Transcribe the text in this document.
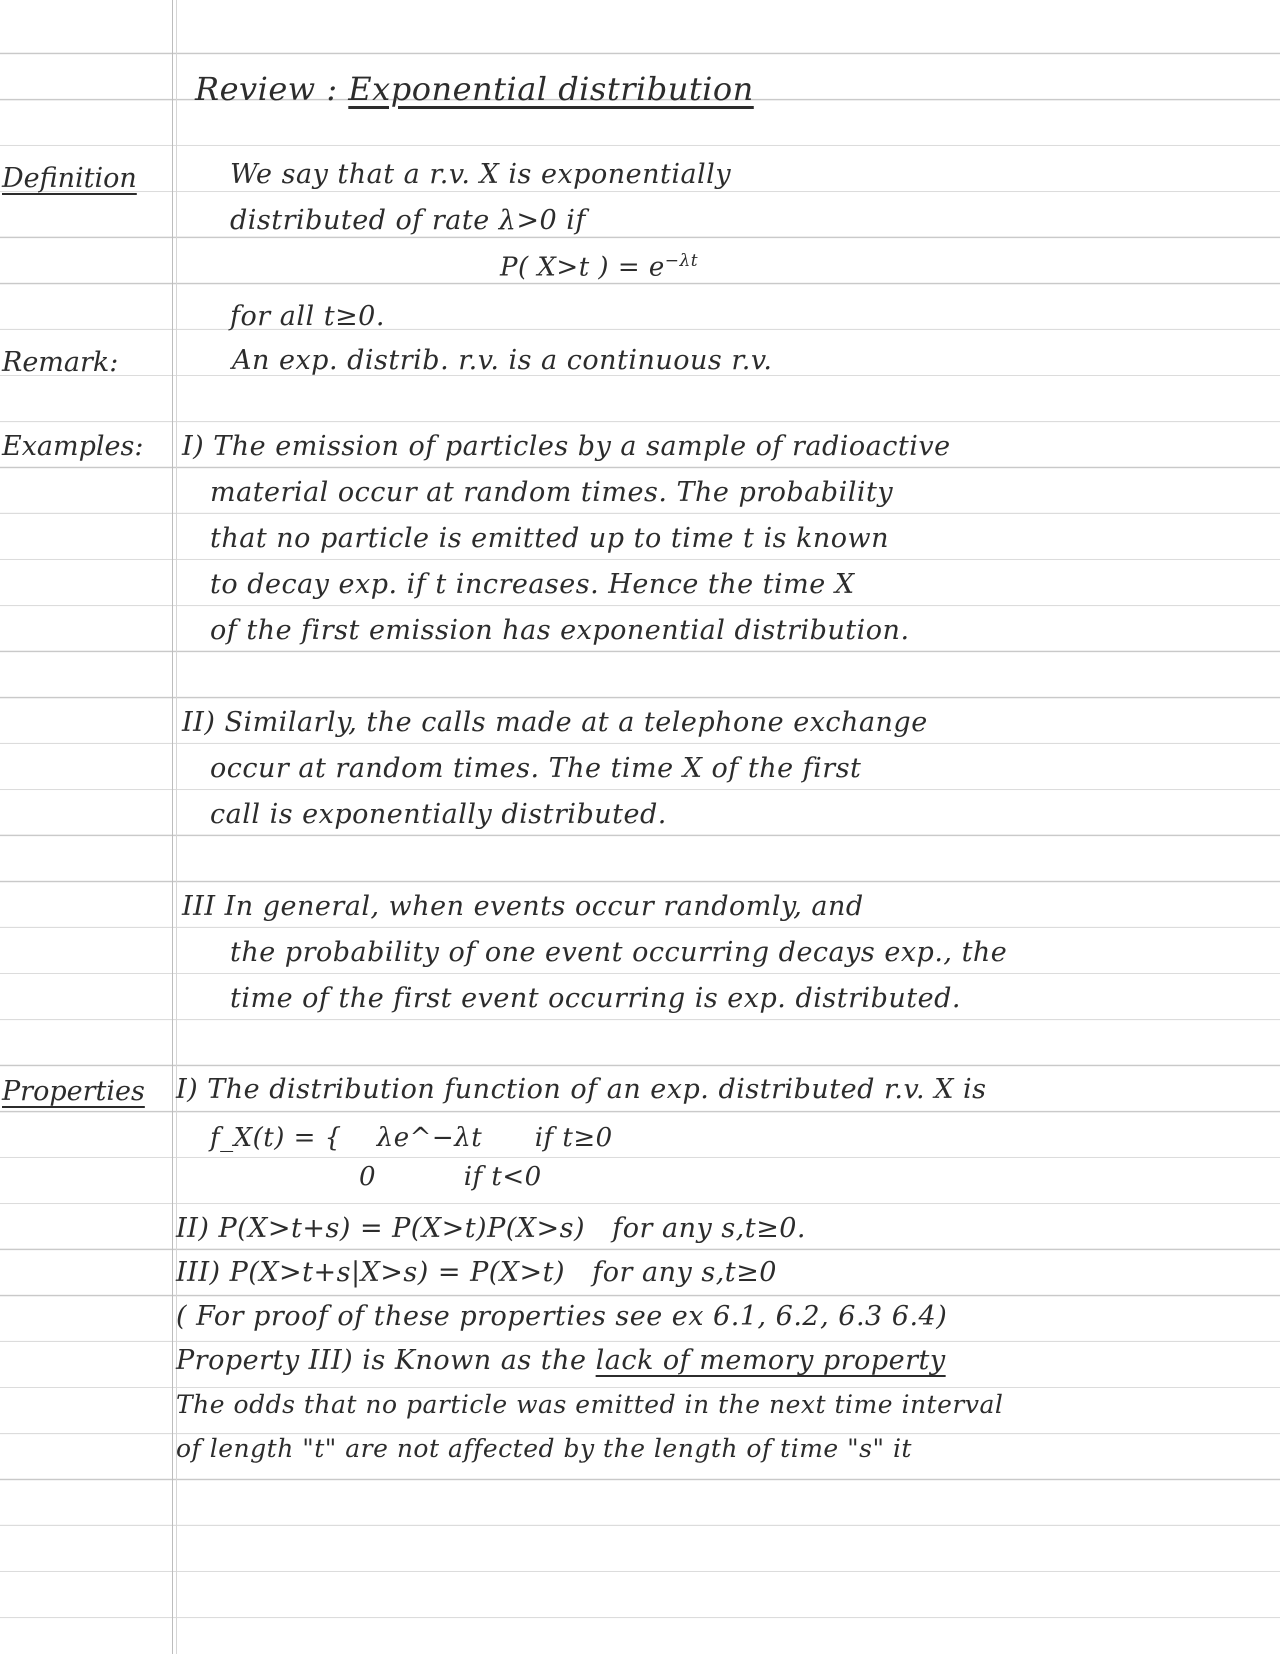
Review : Exponential distribution
Definition	We say that a r.v. X is exponentially
distributed of rate λ>0 if
P( X>t ) = $e^{-\lambda t}$
for all t≥0.
Remark:	An exp. distrib. r.v. is a continuous r.v.
Examples: I) The emission of particles by a sample of radioactive
material occur at random times. The probability
that no particle is emitted up to time t is known
to decay exp. if t increases. Hence the time X
of the first emission has exponential distribution.
II) Similarly, the calls made at a telephone exchange
occur at random times. The time X of the first
call is exponentially distributed.
III In general, when events occur randomly, and
the probability of one event occurring decays exp., the
time of the first event occurring is exp. distributed.
Properties I) The distribution function of an exp. distributed r.v. X is
f_X(t) = {    λe^−λt      if t≥0
0          if t<0
II) P(X>t+s) = P(X>t)P(X>s)   for any s,t≥0.
III) P(X>t+s|X>s) = P(X>t)   for any s,t≥0
( For proof of these properties see ex 6.1, 6.2, 6.3 6.4)
Property III) is Known as the lack of memory property
The odds that no particle was emitted in the next time interval
of length "t" are not affected by the length of time "s" it
